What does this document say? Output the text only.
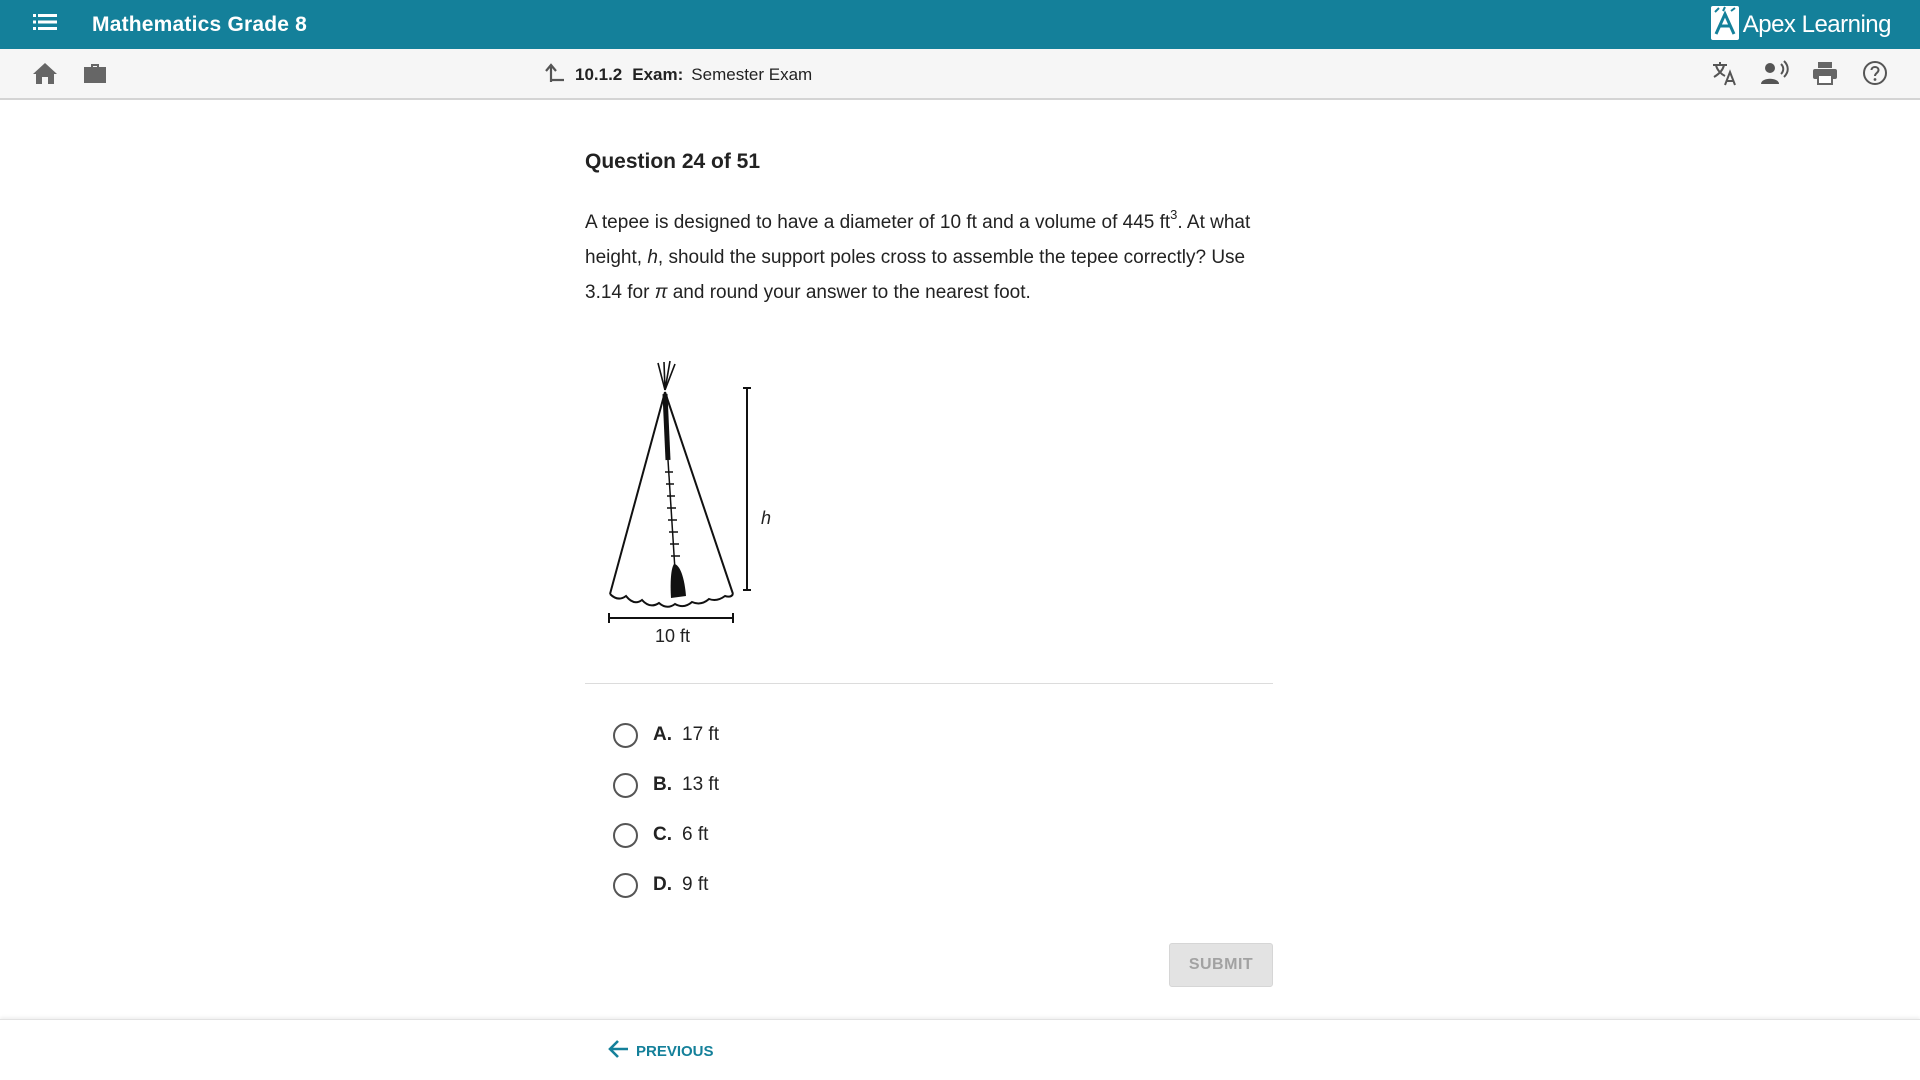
Mathematics Grade 8	Apex Learning
10.1.2 Exam: Semester Exam
Question 24 of 51
A tepee is designed to have a diameter of 10 ft and a volume of 445 $ft^3$. At what height, h, should the support poles cross to assemble the tepee correctly? Use 3.14 for π and round your answer to the nearest foot.
h
10 ft
A. 17 ft
B. 13 ft
C. 6 ft
D. 9 ft
SUBMIT
PREVIOUS
